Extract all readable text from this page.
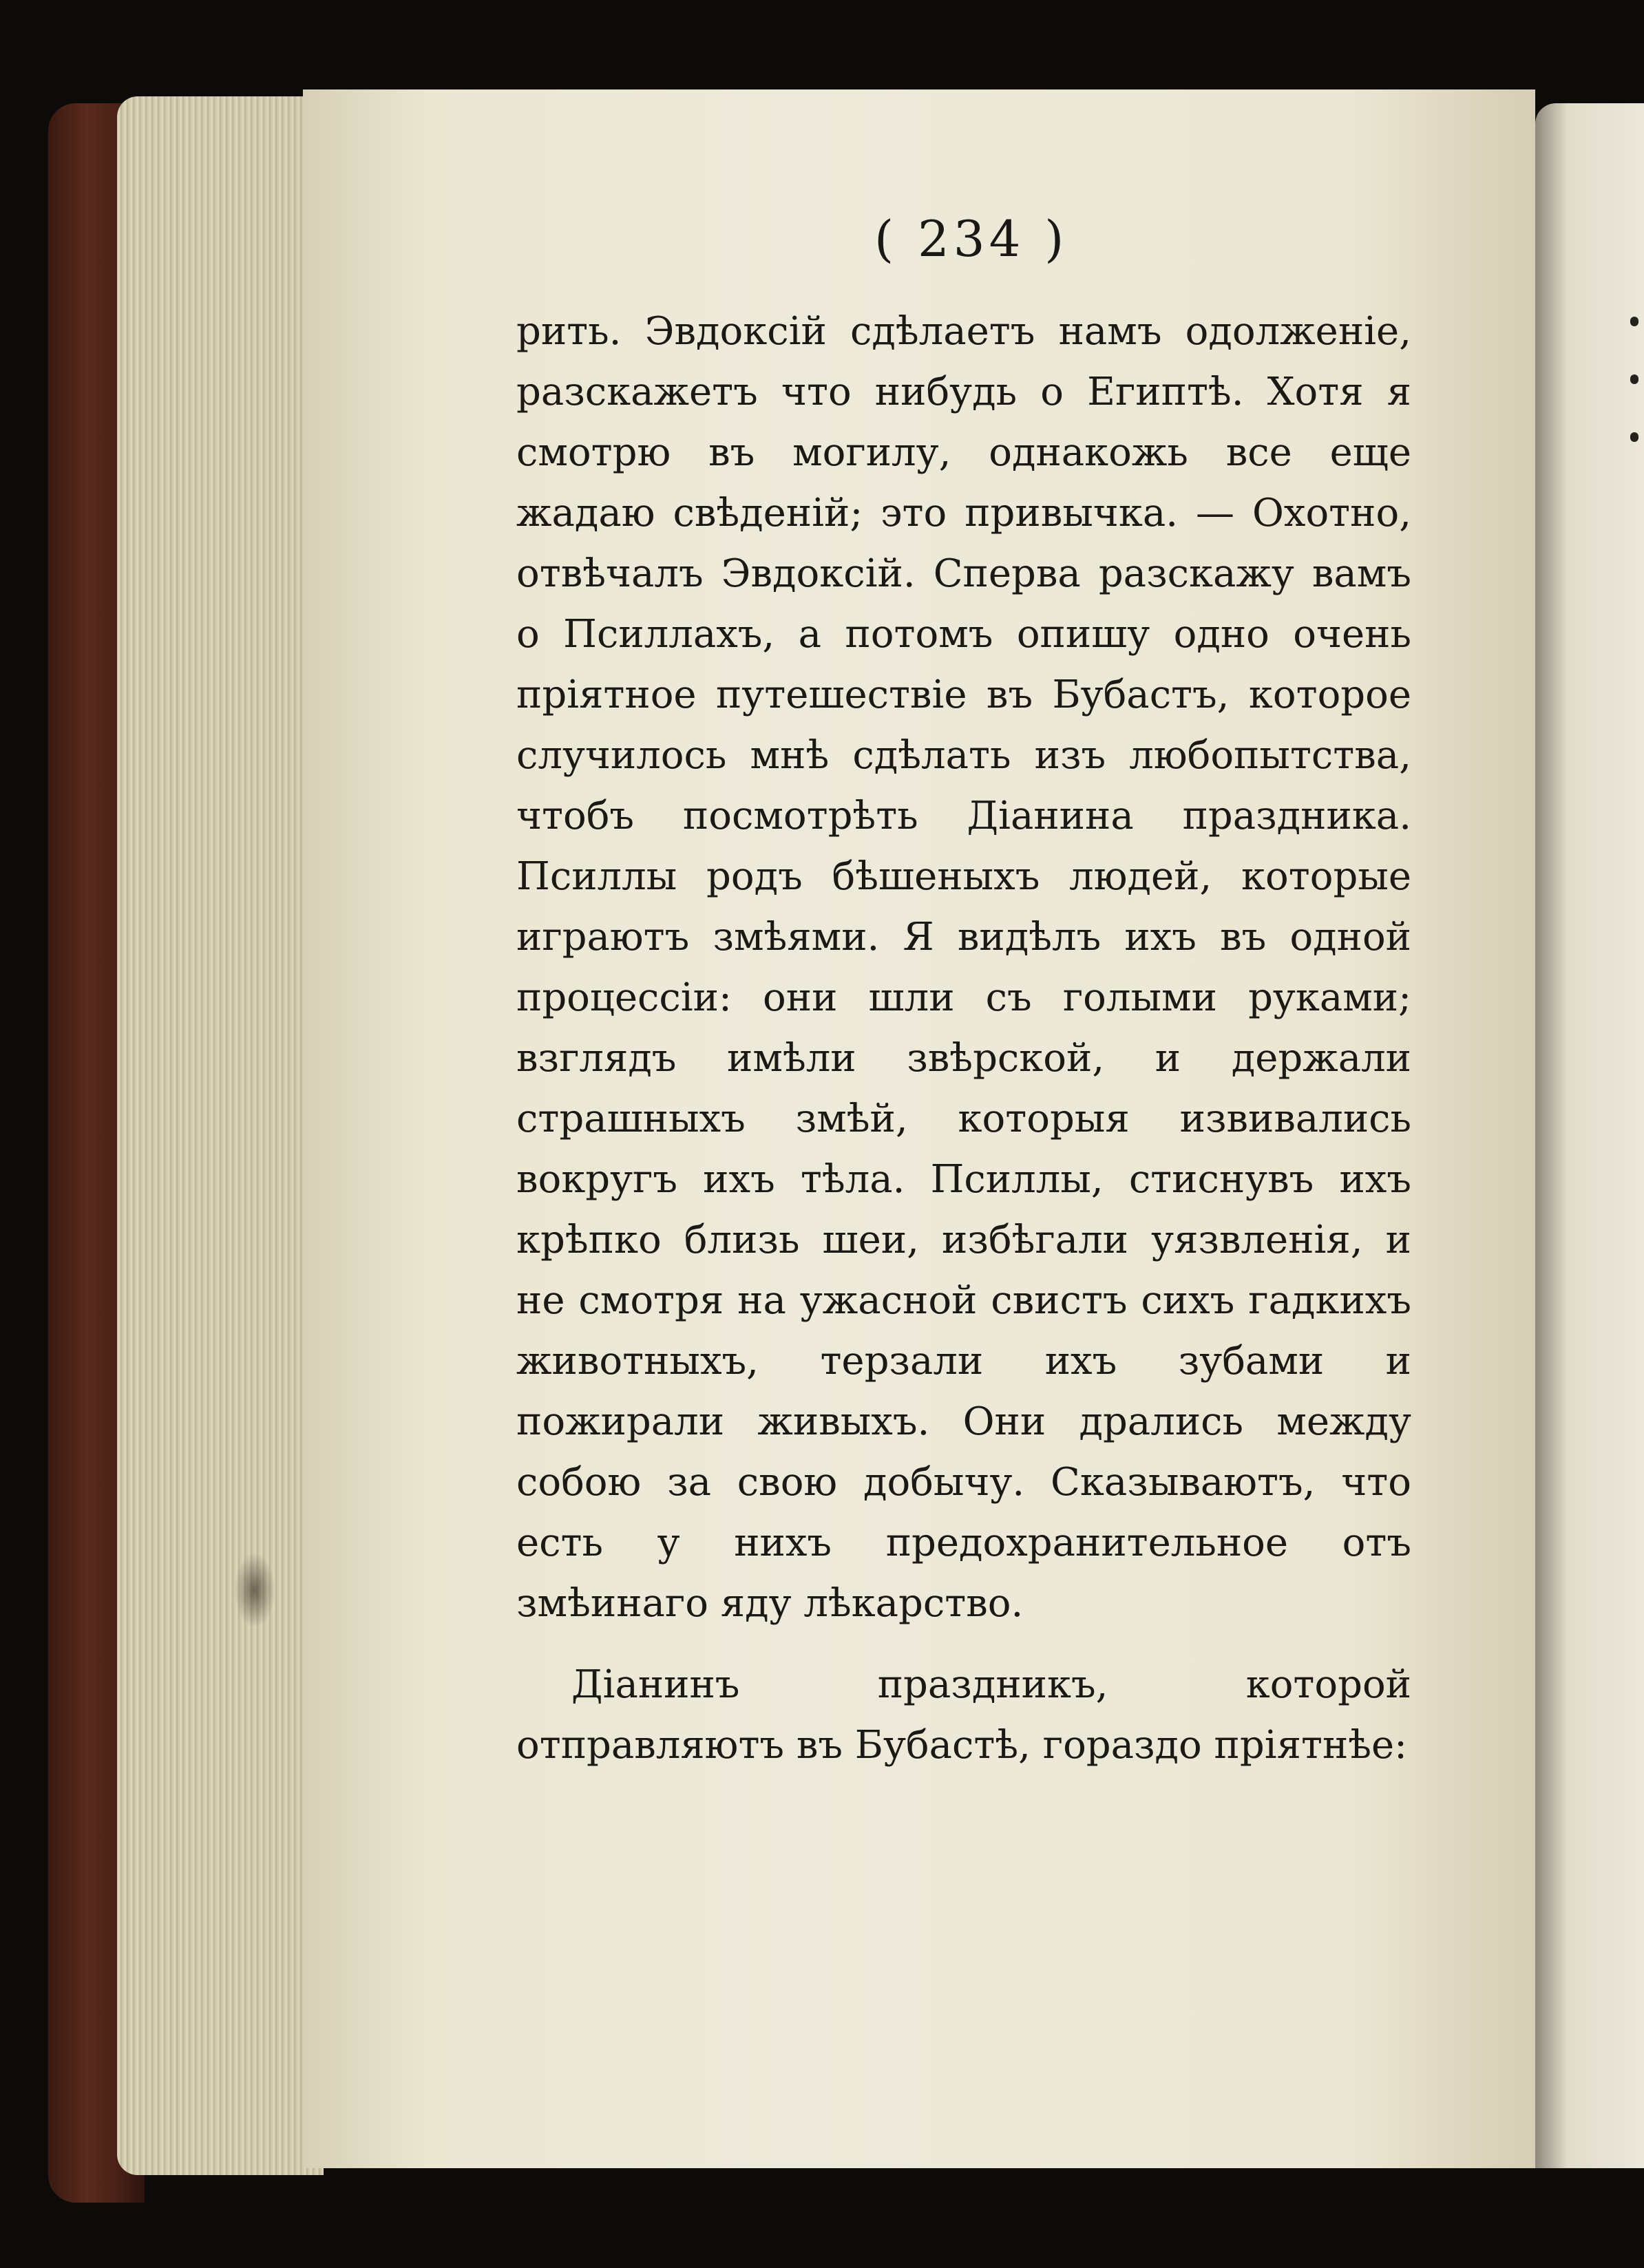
( 234 )

рить. Эвдоксій сдѣлаетъ намъ одолженіе, разскажетъ что нибудь о Египтѣ. Хотя я смотрю въ могилу, однакожь все еще жадаю свѣденій; это привычка. — Охотно, отвѣчалъ Эвдоксій. Сперва разскажу вамъ о Псиллахъ, а потомъ опишу одно очень пріятное путешествіе въ Бубастъ, которое случилось мнѣ сдѣлать изъ любопытства, чтобъ посмотрѣть Діанина праздника. Псиллы родъ бѣшеныхъ людей, которые играютъ змѣями. Я видѣлъ ихъ въ одной процессіи: они шли съ голыми руками; взглядъ имѣли звѣрской, и держали страшныхъ змѣй, которыя извивались вокругъ ихъ тѣла. Псиллы, стиснувъ ихъ крѣпко близь шеи, избѣгали уязвленія, и не смотря на ужасной свистъ сихъ гадкихъ животныхъ, терзали ихъ зубами и пожирали живыхъ. Они дрались между собою за свою добычу. Сказываютъ, что есть у нихъ предохранительное отъ змѣинаго яду лѣкарство.

Діанинъ праздникъ, которой отправляютъ въ Бубастѣ, гораздо пріятнѣе:
